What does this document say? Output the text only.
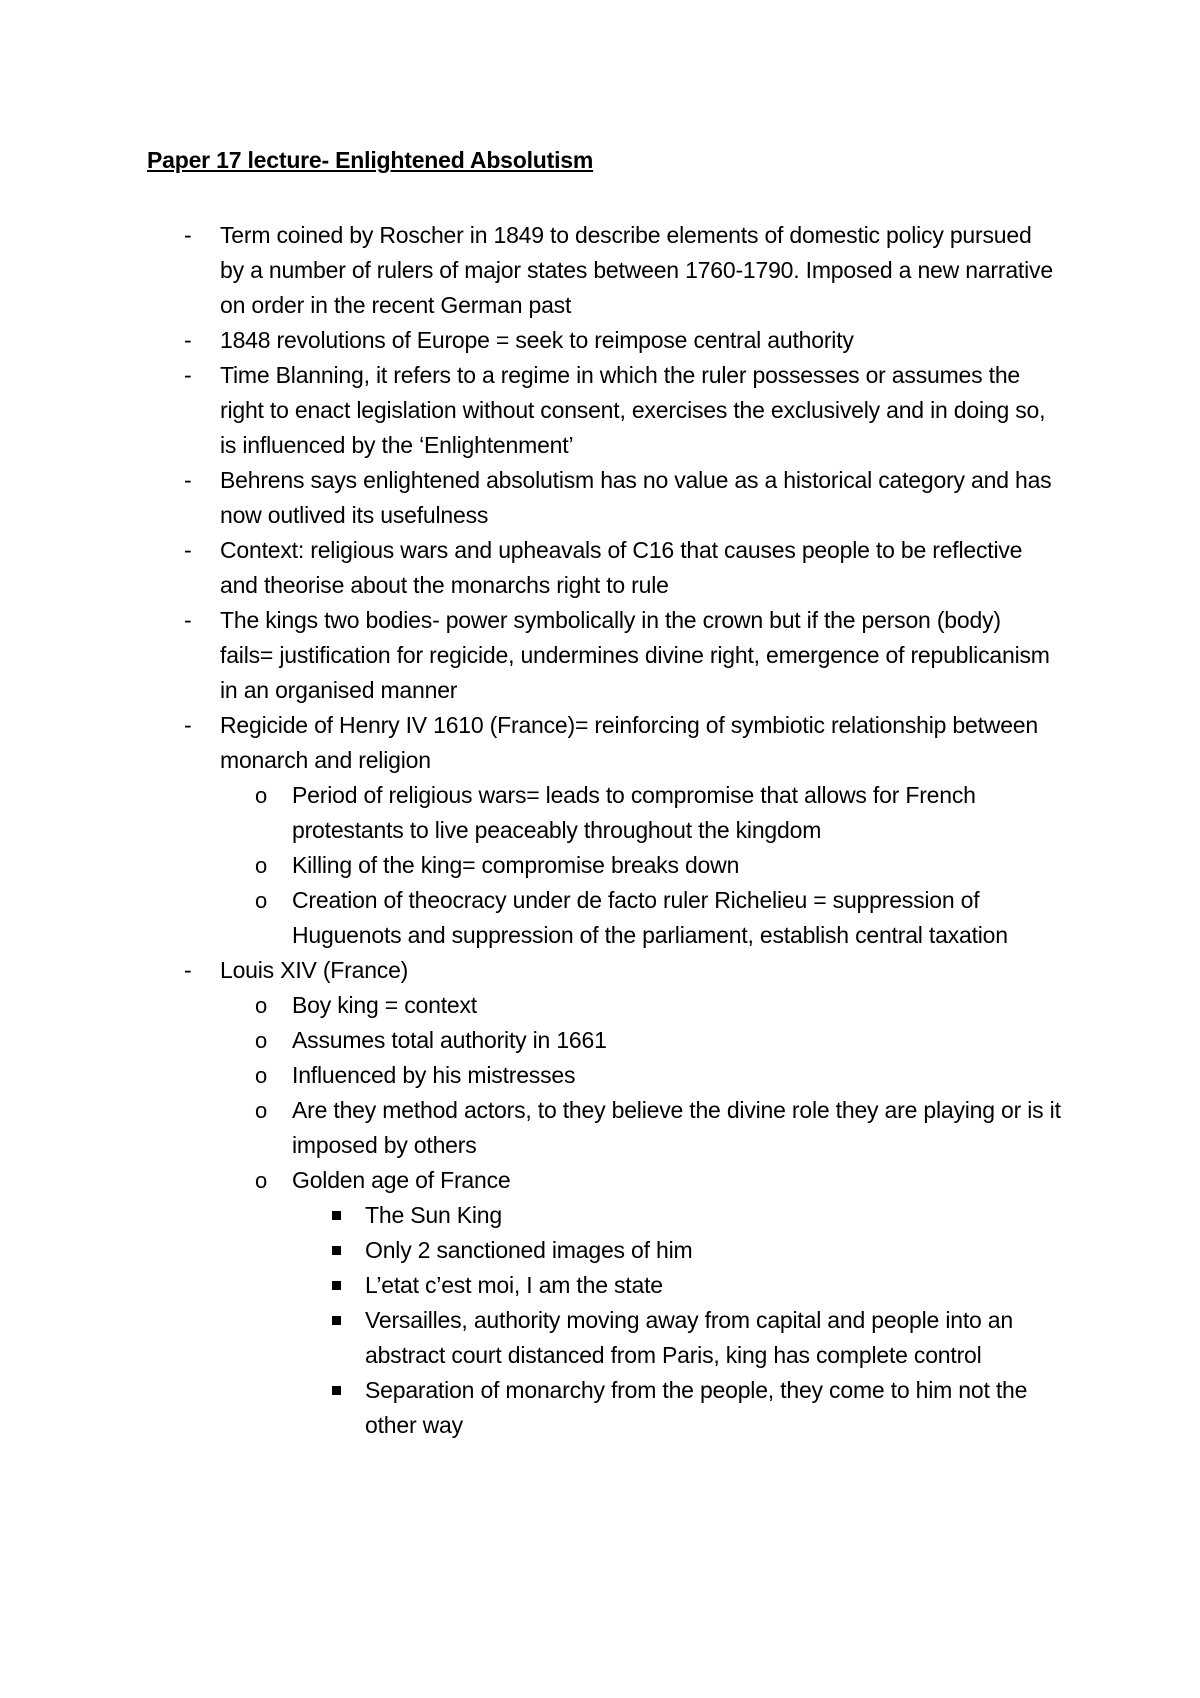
Paper 17 lecture- Enlightened Absolutism
- Term coined by Roscher in 1849 to describe elements of domestic policy pursued by a number of rulers of major states between 1760-1790. Imposed a new narrative on order in the recent German past
- 1848 revolutions of Europe = seek to reimpose central authority
- Time Blanning, it refers to a regime in which the ruler possesses or assumes the right to enact legislation without consent, exercises the exclusively and in doing so, is influenced by the ‘Enlightenment’
- Behrens says enlightened absolutism has no value as a historical category and has now outlived its usefulness
- Context: religious wars and upheavals of C16 that causes people to be reflective and theorise about the monarchs right to rule
- The kings two bodies- power symbolically in the crown but if the person (body) fails= justification for regicide, undermines divine right, emergence of republicanism in an organised manner
- Regicide of Henry IV 1610 (France)= reinforcing of symbiotic relationship between monarch and religion
o Period of religious wars= leads to compromise that allows for French protestants to live peaceably throughout the kingdom
o Killing of the king= compromise breaks down
o Creation of theocracy under de facto ruler Richelieu = suppression of Huguenots and suppression of the parliament, establish central taxation
- Louis XIV (France)
o Boy king = context
o Assumes total authority in 1661
o Influenced by his mistresses
o Are they method actors, to they believe the divine role they are playing or is it imposed by others
o Golden age of France
The Sun King
Only 2 sanctioned images of him
L’etat c’est moi, I am the state
Versailles, authority moving away from capital and people into an abstract court distanced from Paris, king has complete control
Separation of monarchy from the people, they come to him not the other way
